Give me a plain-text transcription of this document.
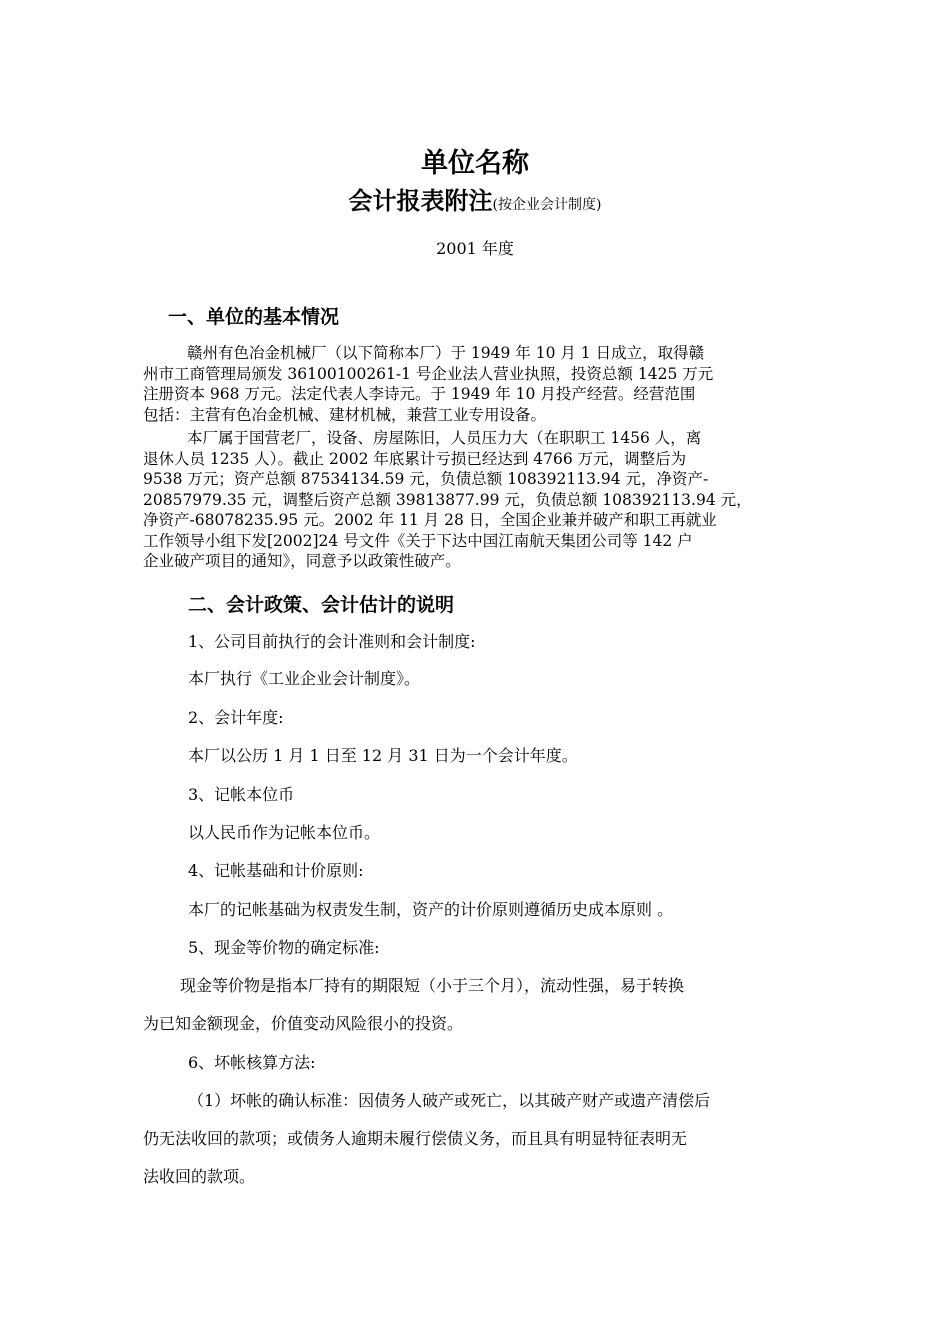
单位名称
会计报表附注(按企业会计制度)
2001 年度
一、单位的基本情况
赣州有色冶金机械厂（以下简称本厂）于 1949 年 10 月 1 日成立，取得赣
州市工商管理局颁发 36100100261-1 号企业法人营业执照，投资总额 1425 万元
注册资本 968 万元。法定代表人李诗元。于 1949 年 10 月投产经营。经营范围
包括：主营有色冶金机械、建材机械，兼营工业专用设备。
本厂属于国营老厂，设备、房屋陈旧，人员压力大（在职职工 1456 人，离
退休人员 1235 人）。截止 2002 年底累计亏损已经达到 4766 万元，调整后为
9538 万元；资产总额 87534134.59 元，负债总额 108392113.94 元，净资产-
20857979.35 元，调整后资产总额 39813877.99 元，负债总额 108392113.94 元，
净资产-68078235.95 元。2002 年 11 月 28 日，全国企业兼并破产和职工再就业
工作领导小组下发[2002]24 号文件《关于下达中国江南航天集团公司等 142 户
企业破产项目的通知》，同意予以政策性破产。
二、会计政策、会计估计的说明
1、公司目前执行的会计准则和会计制度:
本厂执行《工业企业会计制度》。
2、会计年度:
本厂以公历 1 月 1 日至 12 月 31 日为一个会计年度。
3、记帐本位币
以人民币作为记帐本位币。
4、记帐基础和计价原则:
本厂的记帐基础为权责发生制，资产的计价原则遵循历史成本原则 。
5、现金等价物的确定标准:
现金等价物是指本厂持有的期限短（小于三个月），流动性强，易于转换
为已知金额现金，价值变动风险很小的投资。
6、坏帐核算方法:
（1）坏帐的确认标准：因债务人破产或死亡，以其破产财产或遗产清偿后
仍无法收回的款项；或债务人逾期未履行偿债义务，而且具有明显特征表明无
法收回的款项。
